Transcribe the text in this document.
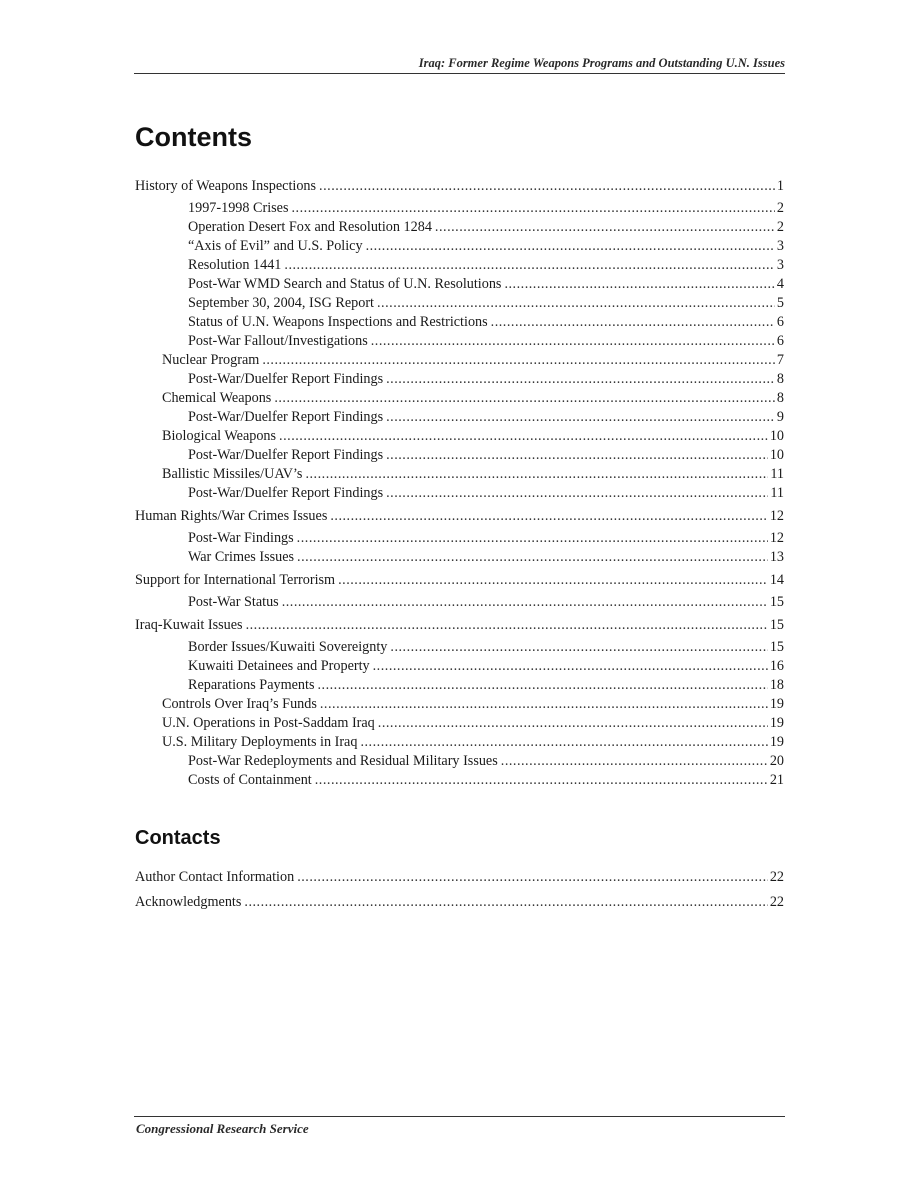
Iraq: Former Regime Weapons Programs and Outstanding U.N. Issues
Contents
History of Weapons Inspections .....	1
1997-1998 Crises .....	2
Operation Desert Fox and Resolution 1284 .....	2
“Axis of Evil” and U.S. Policy .....	3
Resolution 1441 .....	3
Post-War WMD Search and Status of U.N. Resolutions .....	4
September 30, 2004, ISG Report .....	5
Status of U.N. Weapons Inspections and Restrictions .....	6
Post-War Fallout/Investigations .....	6
Nuclear Program .....	7
Post-War/Duelfer Report Findings .....	8
Chemical Weapons .....	8
Post-War/Duelfer Report Findings .....	9
Biological Weapons .....	10
Post-War/Duelfer Report Findings .....	10
Ballistic Missiles/UAV’s .....	11
Post-War/Duelfer Report Findings .....	11
Human Rights/War Crimes Issues .....	12
Post-War Findings .....	12
War Crimes Issues .....	13
Support for International Terrorism .....	14
Post-War Status .....	15
Iraq-Kuwait Issues .....	15
Border Issues/Kuwaiti Sovereignty .....	15
Kuwaiti Detainees and Property .....	16
Reparations Payments .....	18
Controls Over Iraq’s Funds .....	19
U.N. Operations in Post-Saddam Iraq .....	19
U.S. Military Deployments in Iraq .....	19
Post-War Redeployments and Residual Military Issues .....	20
Costs of Containment .....	21
Contacts
Author Contact Information .....	22
Acknowledgments .....	22
Congressional Research Service
